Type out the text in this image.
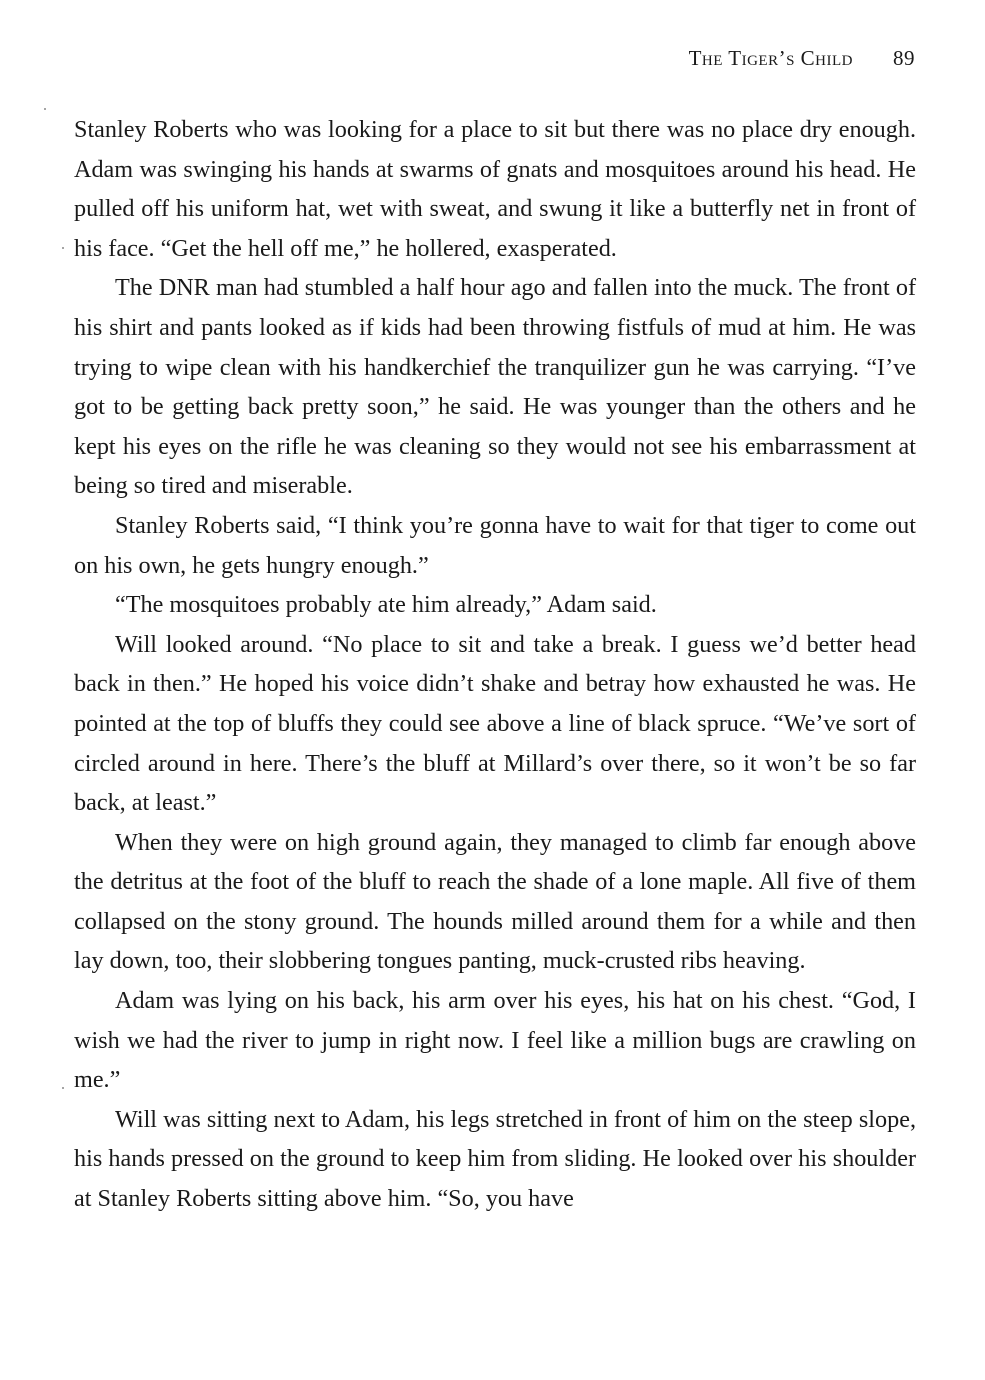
The Tiger’s Child 89

Stanley Roberts who was looking for a place to sit but there was no place dry enough. Adam was swinging his hands at swarms of gnats and mosquitoes around his head. He pulled off his uniform hat, wet with sweat, and swung it like a butterfly net in front of his face. “Get the hell off me,” he hollered, exasperated.

The DNR man had stumbled a half hour ago and fallen into the muck. The front of his shirt and pants looked as if kids had been throwing fistfuls of mud at him. He was trying to wipe clean with his handkerchief the tranquilizer gun he was carrying. “I’ve got to be getting back pretty soon,” he said. He was younger than the others and he kept his eyes on the rifle he was cleaning so they would not see his embarrassment at being so tired and miserable.

Stanley Roberts said, “I think you’re gonna have to wait for that tiger to come out on his own, he gets hungry enough.”

“The mosquitoes probably ate him already,” Adam said.

Will looked around. “No place to sit and take a break. I guess we’d better head back in then.” He hoped his voice didn’t shake and betray how exhausted he was. He pointed at the top of bluffs they could see above a line of black spruce. “We’ve sort of circled around in here. There’s the bluff at Millard’s over there, so it won’t be so far back, at least.”

When they were on high ground again, they managed to climb far enough above the detritus at the foot of the bluff to reach the shade of a lone maple. All five of them collapsed on the stony ground. The hounds milled around them for a while and then lay down, too, their slobbering tongues panting, muck-crusted ribs heaving.

Adam was lying on his back, his arm over his eyes, his hat on his chest. “God, I wish we had the river to jump in right now. I feel like a million bugs are crawling on me.”

Will was sitting next to Adam, his legs stretched in front of him on the steep slope, his hands pressed on the ground to keep him from sliding. He looked over his shoulder at Stanley Roberts sitting above him. “So, you have
